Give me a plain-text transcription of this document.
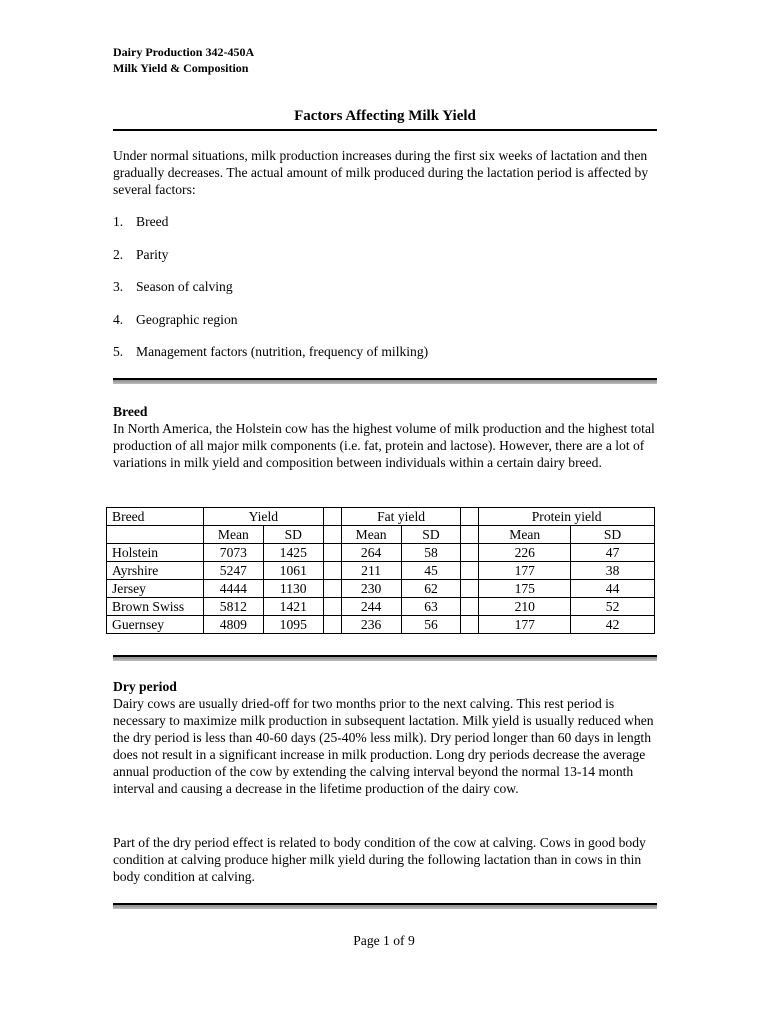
Dairy Production 342-450A
Milk Yield & Composition
Factors Affecting Milk Yield

Under normal situations, milk production increases during the first six weeks of lactation and then gradually decreases. The actual amount of milk produced during the lactation period is affected by several factors:

1. Breed
2. Parity
3. Season of calving
4. Geographic region
5. Management factors (nutrition, frequency of milking)
Breed
In North America, the Holstein cow has the highest volume of milk production and the highest total production of all major milk components (i.e. fat, protein and lactose). However, there are a lot of variations in milk yield and composition between individuals within a certain dairy breed.
Breed	Yield			Fat yield			Protein yield	
	Mean	SD		Mean	SD		Mean	SD
Holstein	7073	1425		264	58		226	47
Ayrshire	5247	1061		211	45		177	38
Jersey	4444	1130		230	62		175	44
Brown Swiss	5812	1421		244	63		210	52
Guernsey	4809	1095		236	56		177	42
Dry period
Dairy cows are usually dried-off for two months prior to the next calving. This rest period is necessary to maximize milk production in subsequent lactation. Milk yield is usually reduced when the dry period is less than 40-60 days (25-40% less milk). Dry period longer than 60 days in length does not result in a significant increase in milk production. Long dry periods decrease the average annual production of the cow by extending the calving interval beyond the normal 13-14 month interval and causing a decrease in the lifetime production of the dairy cow.

Part of the dry period effect is related to body condition of the cow at calving. Cows in good body condition at calving produce higher milk yield during the following lactation than in cows in thin body condition at calving.

Page 1 of 9
